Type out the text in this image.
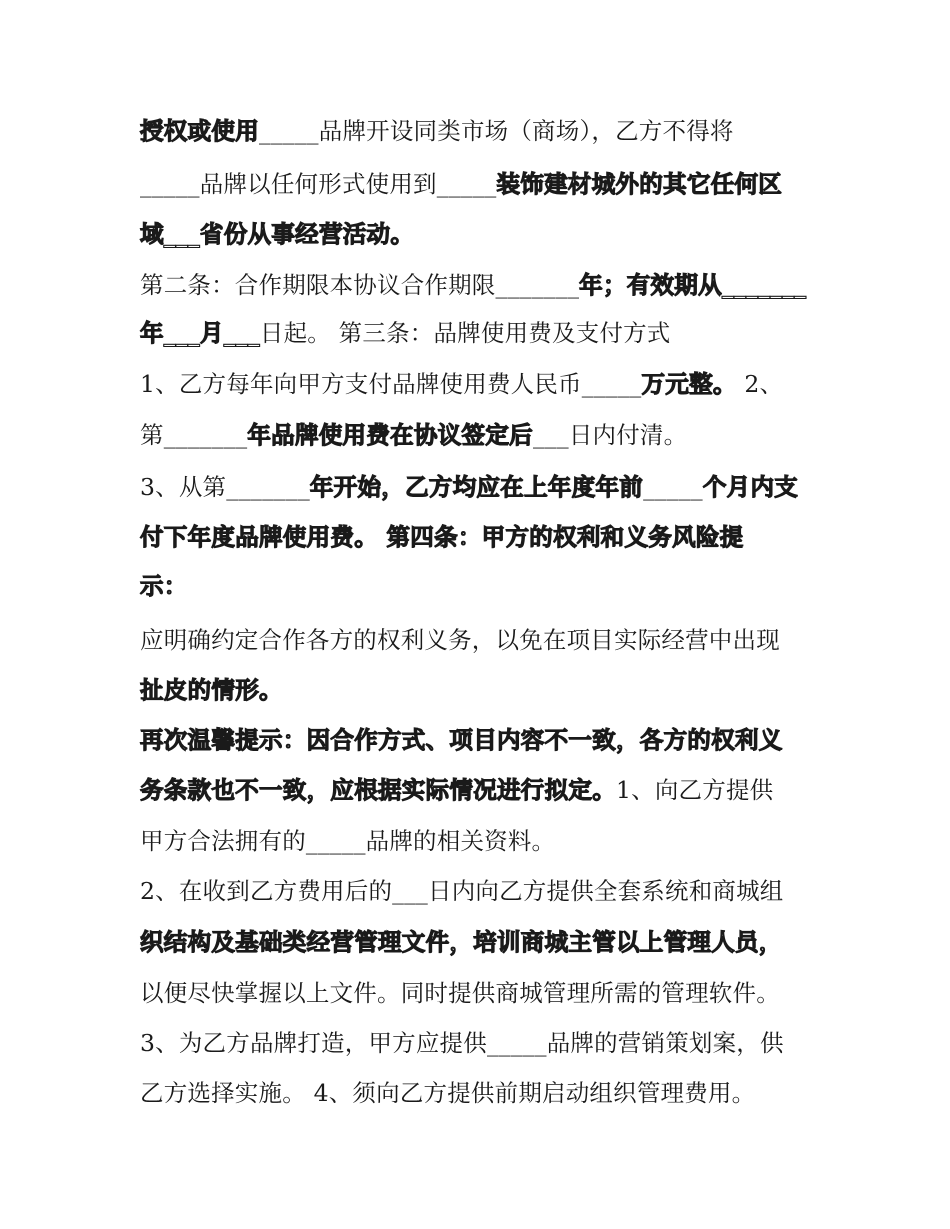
授权或使用_____品牌开设同类市场（商场），乙方不得将
_____品牌以任何形式使用到_____装饰建材城外的其它任何区
域___省份从事经营活动。
第二条：合作期限本协议合作期限_______年；有效期从_______
年___月___日起。 第三条：品牌使用费及支付方式
1、乙方每年向甲方支付品牌使用费人民币_____万元整。 2、
第_______年品牌使用费在协议签定后___日内付清。
3、从第_______年开始，乙方均应在上年度年前_____个月内支
付下年度品牌使用费。 第四条：甲方的权利和义务风险提
示：
应明确约定合作各方的权利义务，以免在项目实际经营中出现
扯皮的情形。
再次温馨提示：因合作方式、项目内容不一致，各方的权利义
务条款也不一致，应根据实际情况进行拟定。1、向乙方提供
甲方合法拥有的_____品牌的相关资料。
2、在收到乙方费用后的___日内向乙方提供全套系统和商城组
织结构及基础类经营管理文件，培训商城主管以上管理人员，
以便尽快掌握以上文件。同时提供商城管理所需的管理软件。
3、为乙方品牌打造，甲方应提供_____品牌的营销策划案，供
乙方选择实施。 4、须向乙方提供前期启动组织管理费用。
